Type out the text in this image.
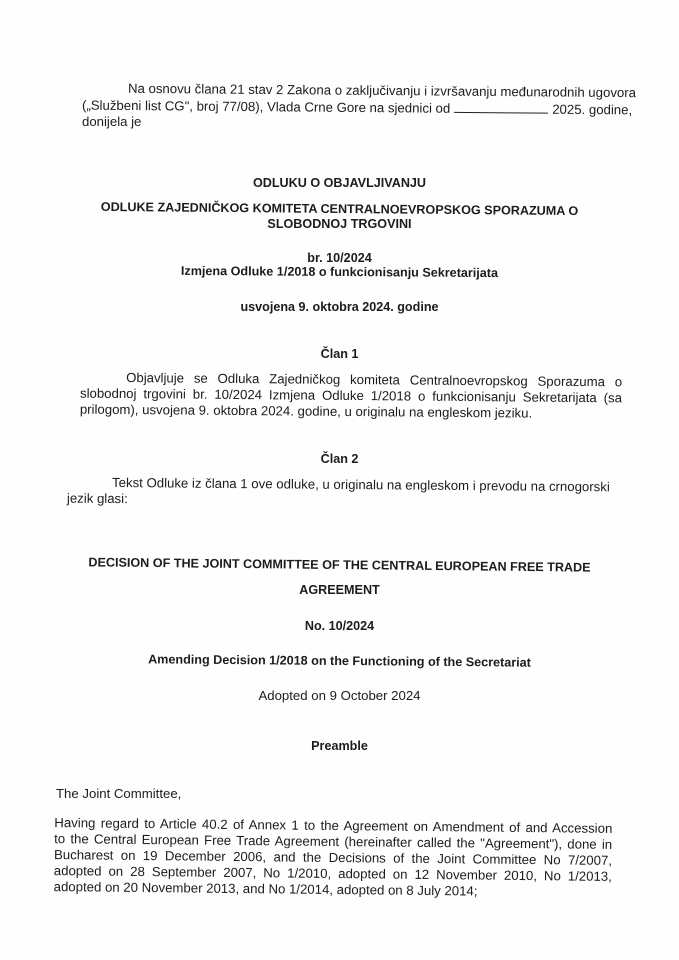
Na osnovu člana 21 stav 2 Zakona o zaključivanju i izvršavanju međunarodnih ugovora
(„Službeni list CG", broj 77/08), Vlada Crne Gore na sjednici od	2025. godine,
donijela je
ODLUKU O OBJAVLJIVANJU
ODLUKE ZAJEDNIČKOG KOMITETA CENTRALNOEVROPSKOG SPORAZUMA O
SLOBODNOJ TRGOVINI
br. 10/2024
Izmjena Odluke 1/2018 o funkcionisanju Sekretarijata
usvojena 9. oktobra 2024. godine
Član 1
Objavljuje se Odluka Zajedničkog komiteta Centralnoevropskog Sporazuma o
slobodnoj trgovini br. 10/2024 Izmjena Odluke 1/2018 o funkcionisanju Sekretarijata (sa
prilogom), usvojena 9. oktobra 2024. godine, u originalu na engleskom jeziku.
Član 2
Tekst Odluke iz člana 1 ove odluke, u originalu na engleskom i prevodu na crnogorski
jezik glasi:
DECISION OF THE JOINT COMMITTEE OF THE CENTRAL EUROPEAN FREE TRADE
AGREEMENT
No. 10/2024
Amending Decision 1/2018 on the Functioning of the Secretariat
Adopted on 9 October 2024
Preamble
The Joint Committee,
Having regard to Article 40.2 of Annex 1 to the Agreement on Amendment of and Accession
to the Central European Free Trade Agreement (hereinafter called the "Agreement"), done in
Bucharest on 19 December 2006, and the Decisions of the Joint Committee No 7/2007,
adopted on 28 September 2007, No 1/2010, adopted on 12 November 2010, No 1/2013,
adopted on 20 November 2013, and No 1/2014, adopted on 8 July 2014;
